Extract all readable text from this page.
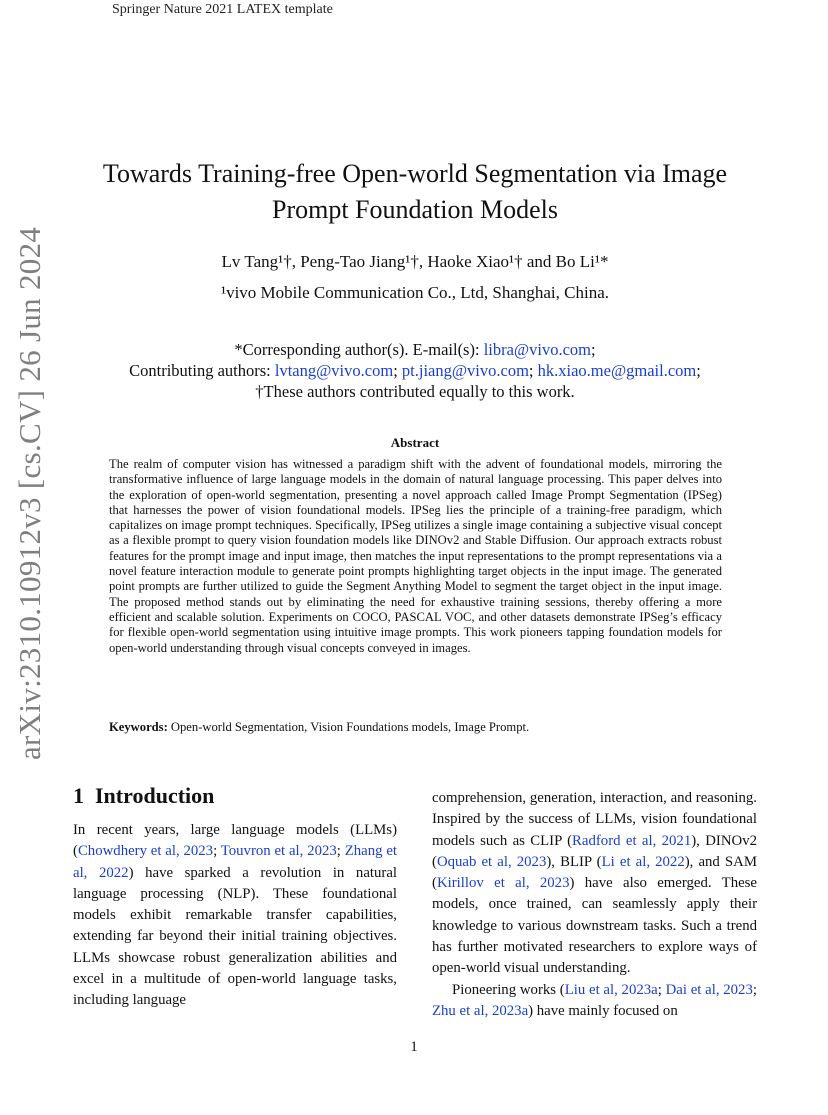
Springer Nature 2021 LATEX template
arXiv:2310.10912v3 [cs.CV] 26 Jun 2024
Towards Training-free Open-world Segmentation via Image Prompt Foundation Models
Lv Tang¹†, Peng-Tao Jiang¹†, Haoke Xiao¹† and Bo Li¹*
¹vivo Mobile Communication Co., Ltd, Shanghai, China.
*Corresponding author(s). E-mail(s): libra@vivo.com;
Contributing authors: lvtang@vivo.com; pt.jiang@vivo.com; hk.xiao.me@gmail.com;
†These authors contributed equally to this work.
Abstract
The realm of computer vision has witnessed a paradigm shift with the advent of foundational models, mirroring the transformative influence of large language models in the domain of natural language processing. This paper delves into the exploration of open-world segmentation, presenting a novel approach called Image Prompt Segmentation (IPSeg) that harnesses the power of vision foundational models. IPSeg lies the principle of a training-free paradigm, which capitalizes on image prompt techniques. Specifically, IPSeg utilizes a single image containing a subjective visual concept as a flexible prompt to query vision foundation models like DINOv2 and Stable Diffusion. Our approach extracts robust features for the prompt image and input image, then matches the input representations to the prompt representations via a novel feature interaction module to generate point prompts highlighting target objects in the input image. The generated point prompts are further utilized to guide the Segment Anything Model to segment the target object in the input image. The proposed method stands out by eliminating the need for exhaustive training sessions, thereby offering a more efficient and scalable solution. Experiments on COCO, PASCAL VOC, and other datasets demonstrate IPSeg’s efficacy for flexible open-world segmentation using intuitive image prompts. This work pioneers tapping foundation models for open-world understanding through visual concepts conveyed in images.
Keywords: Open-world Segmentation, Vision Foundations models, Image Prompt.
1 Introduction
In recent years, large language models (LLMs) (Chowdhery et al, 2023; Touvron et al, 2023; Zhang et al, 2022) have sparked a revolution in natural language processing (NLP). These foundational models exhibit remarkable transfer capabilities, extending far beyond their initial training objectives. LLMs showcase robust generalization abilities and excel in a multitude of open-world language tasks, including language
comprehension, generation, interaction, and reasoning. Inspired by the success of LLMs, vision foundational models such as CLIP (Radford et al, 2021), DINOv2 (Oquab et al, 2023), BLIP (Li et al, 2022), and SAM (Kirillov et al, 2023) have also emerged. These models, once trained, can seamlessly apply their knowledge to various downstream tasks. Such a trend has further motivated researchers to explore ways of open-world visual understanding.
Pioneering works (Liu et al, 2023a; Dai et al, 2023; Zhu et al, 2023a) have mainly focused on
1
